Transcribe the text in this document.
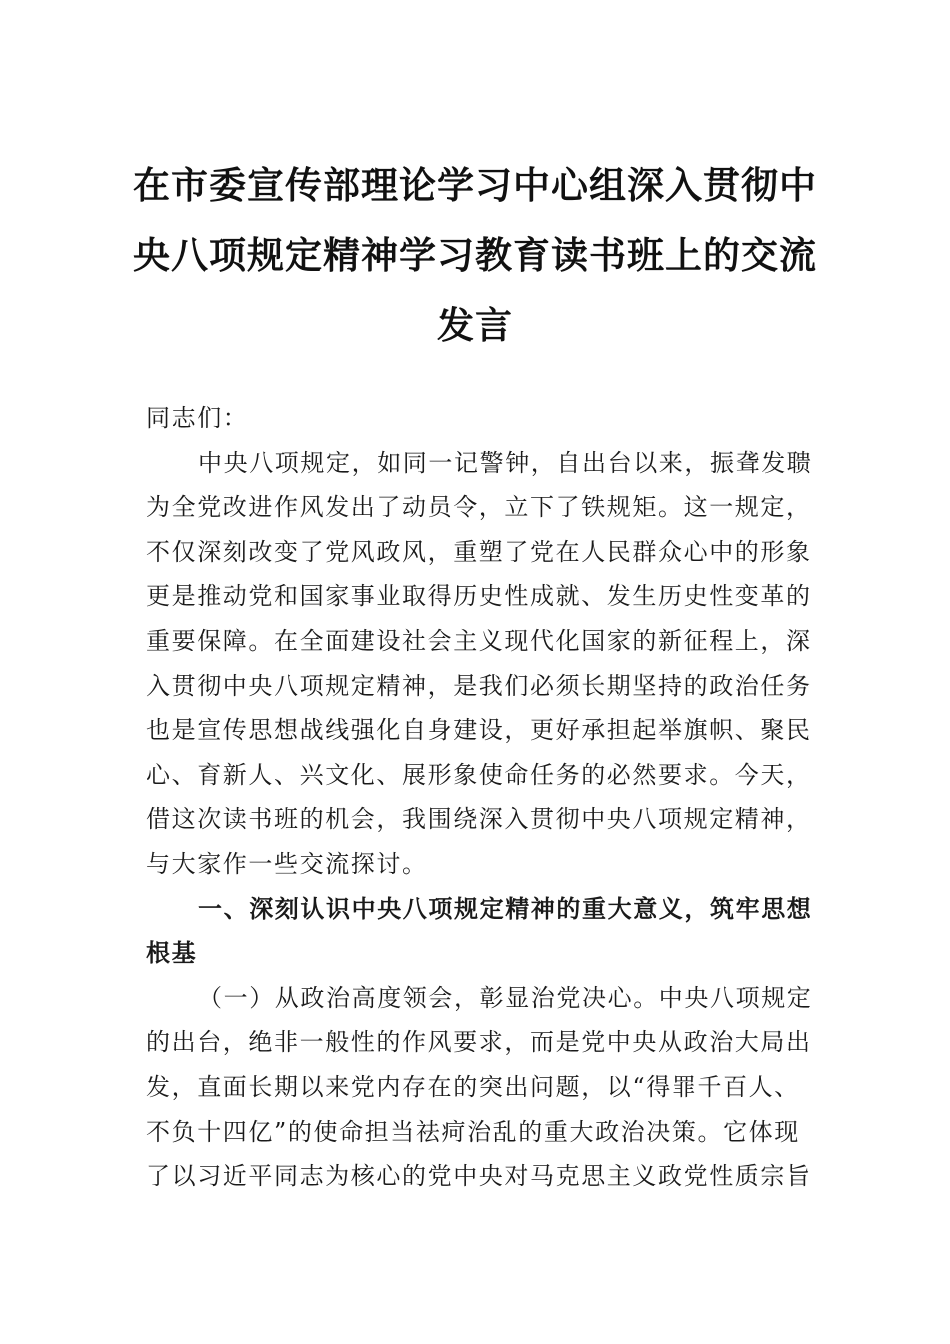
在市委宣传部理论学习中心组深入贯彻中
央八项规定精神学习教育读书班上的交流
发言

同志们：

中央八项规定，如同一记警钟，自出台以来，振聋发聩
为全党改进作风发出了动员令，立下了铁规矩。这一规定，
不仅深刻改变了党风政风，重塑了党在人民群众心中的形象
更是推动党和国家事业取得历史性成就、发生历史性变革的
重要保障。在全面建设社会主义现代化国家的新征程上，深
入贯彻中央八项规定精神，是我们必须长期坚持的政治任务
也是宣传思想战线强化自身建设，更好承担起举旗帜、聚民
心、育新人、兴文化、展形象使命任务的必然要求。今天，
借这次读书班的机会，我围绕深入贯彻中央八项规定精神，
与大家作一些交流探讨。

一、深刻认识中央八项规定精神的重大意义，筑牢思想
根基

（一）从政治高度领会，彰显治党决心。中央八项规定
的出台，绝非一般性的作风要求，而是党中央从政治大局出
发，直面长期以来党内存在的突出问题，以“得罪千百人、
不负十四亿”的使命担当祛疴治乱的重大政治决策。它体现
了以习近平同志为核心的党中央对马克思主义政党性质宗旨
